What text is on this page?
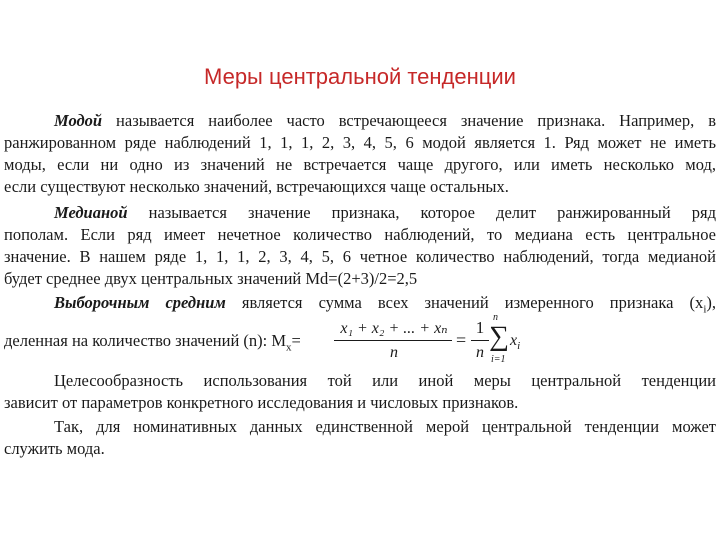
Меры центральной тенденции
Модой называется наиболее часто встречающееся значение признака. Например, в
ранжированном ряде наблюдений 1, 1, 1, 2, 3, 4, 5, 6 модой является 1. Ряд может не иметь
моды, если ни одно из значений не встречается чаще другого, или иметь несколько мод,
если существуют несколько значений, встречающихся чаще остальных.
Медианой называется значение признака, которое делит ранжированный ряд
пополам. Если ряд имеет нечетное количество наблюдений, то медиана есть центральное
значение. В нашем ряде 1, 1, 1, 2, 3, 4, 5, 6 четное количество наблюдений, тогда медианой
будет среднее двух центральных значений Md=(2+3)/2=2,5
Выборочным средним является сумма всех значений измеренного признака $(x_i)$,
деленная на количество значений (n): $M_x=$
x₁ + x₂ + ... + xₙ
n
=
1
n
n
∑
i=1
$x_i$
Целесообразность использования той или иной меры центральной тенденции
зависит от параметров конкретного исследования и числовых признаков.
Так, для номинативных данных единственной мерой центральной тенденции может
служить мода.
